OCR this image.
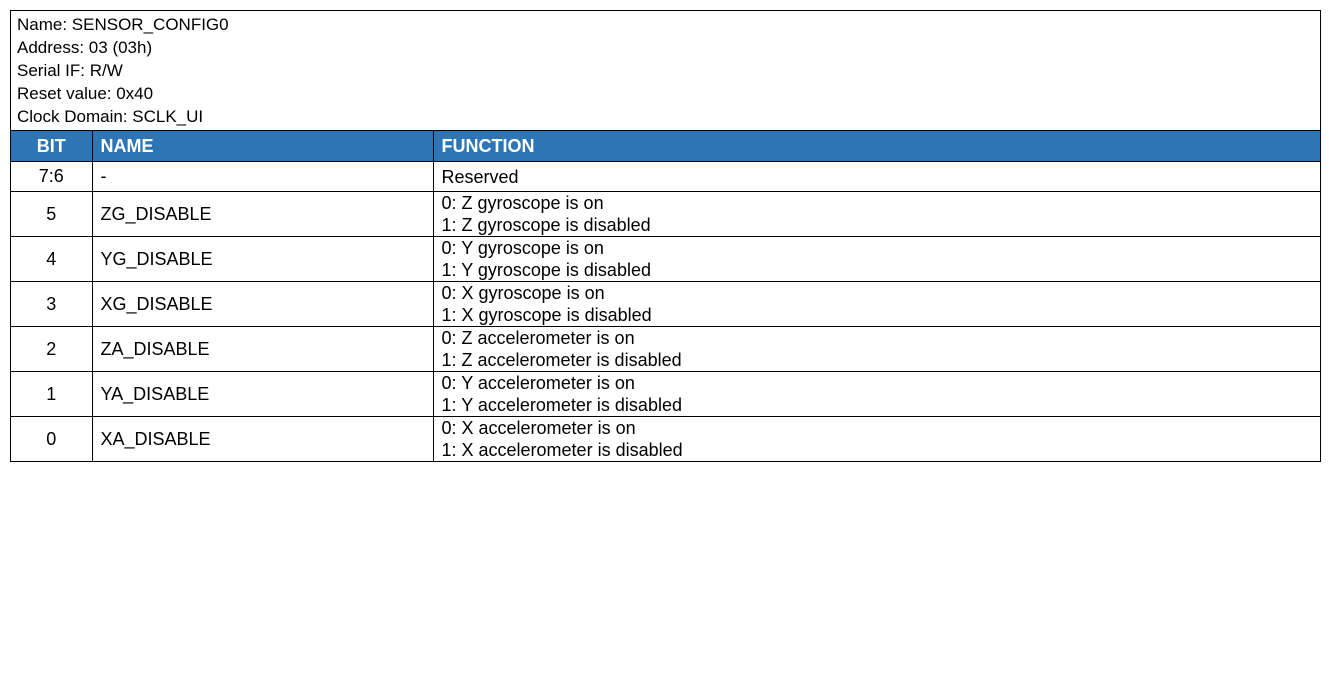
Name: SENSOR_CONFIG0
Address: 03 (03h)
Serial IF: R/W
Reset value: 0x40
Clock Domain: SCLK_UI
BIT	NAME	FUNCTION
7:6	-	Reserved

5	ZG_DISABLE	0: Z gyroscope is on
1: Z gyroscope is disabled

4	YG_DISABLE	0: Y gyroscope is on
1: Y gyroscope is disabled

3	XG_DISABLE	0: X gyroscope is on
1: X gyroscope is disabled

2	ZA_DISABLE	0: Z accelerometer is on
1: Z accelerometer is disabled

1	YA_DISABLE	0: Y accelerometer is on
1: Y accelerometer is disabled

0	XA_DISABLE	0: X accelerometer is on
1: X accelerometer is disabled
